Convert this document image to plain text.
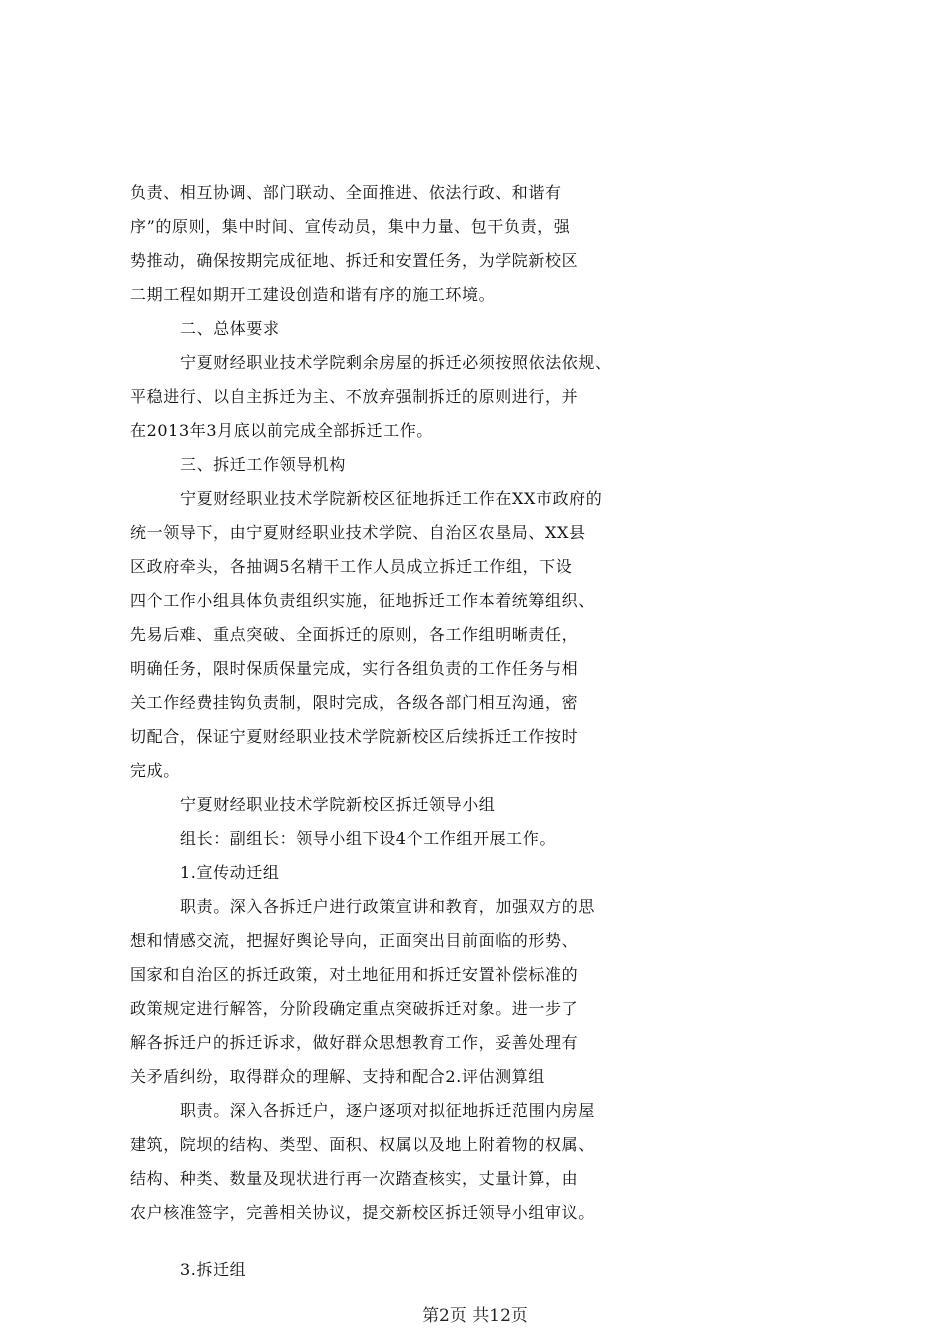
负责、相互协调、部门联动、全面推进、依法行政、和谐有
序”的原则，集中时间、宣传动员，集中力量、包干负责，强
势推动，确保按期完成征地、拆迁和安置任务，为学院新校区
二期工程如期开工建设创造和谐有序的施工环境。
二、总体要求
宁夏财经职业技术学院剩余房屋的拆迁必须按照依法依规、
平稳进行、以自主拆迁为主、不放弃强制拆迁的原则进行，并
在2013年3月底以前完成全部拆迁工作。
三、拆迁工作领导机构
宁夏财经职业技术学院新校区征地拆迁工作在XX市政府的
统一领导下，由宁夏财经职业技术学院、自治区农垦局、XX县
区政府牵头，各抽调5名精干工作人员成立拆迁工作组，下设
四个工作小组具体负责组织实施，征地拆迁工作本着统筹组织、
先易后难、重点突破、全面拆迁的原则，各工作组明晰责任，
明确任务，限时保质保量完成，实行各组负责的工作任务与相
关工作经费挂钩负责制，限时完成，各级各部门相互沟通，密
切配合，保证宁夏财经职业技术学院新校区后续拆迁工作按时
完成。
宁夏财经职业技术学院新校区拆迁领导小组
组长：副组长：领导小组下设4个工作组开展工作。
1.宣传动迁组
职责。深入各拆迁户进行政策宣讲和教育，加强双方的思
想和情感交流，把握好舆论导向，正面突出目前面临的形势、
国家和自治区的拆迁政策，对土地征用和拆迁安置补偿标准的
政策规定进行解答，分阶段确定重点突破拆迁对象。进一步了
解各拆迁户的拆迁诉求，做好群众思想教育工作，妥善处理有
关矛盾纠纷，取得群众的理解、支持和配合2.评估测算组
职责。深入各拆迁户，逐户逐项对拟征地拆迁范围内房屋
建筑，院坝的结构、类型、面积、权属以及地上附着物的权属、
结构、种类、数量及现状进行再一次踏查核实，丈量计算，由
农户核准签字，完善相关协议，提交新校区拆迁领导小组审议。
3.拆迁组
第2页 共12页
